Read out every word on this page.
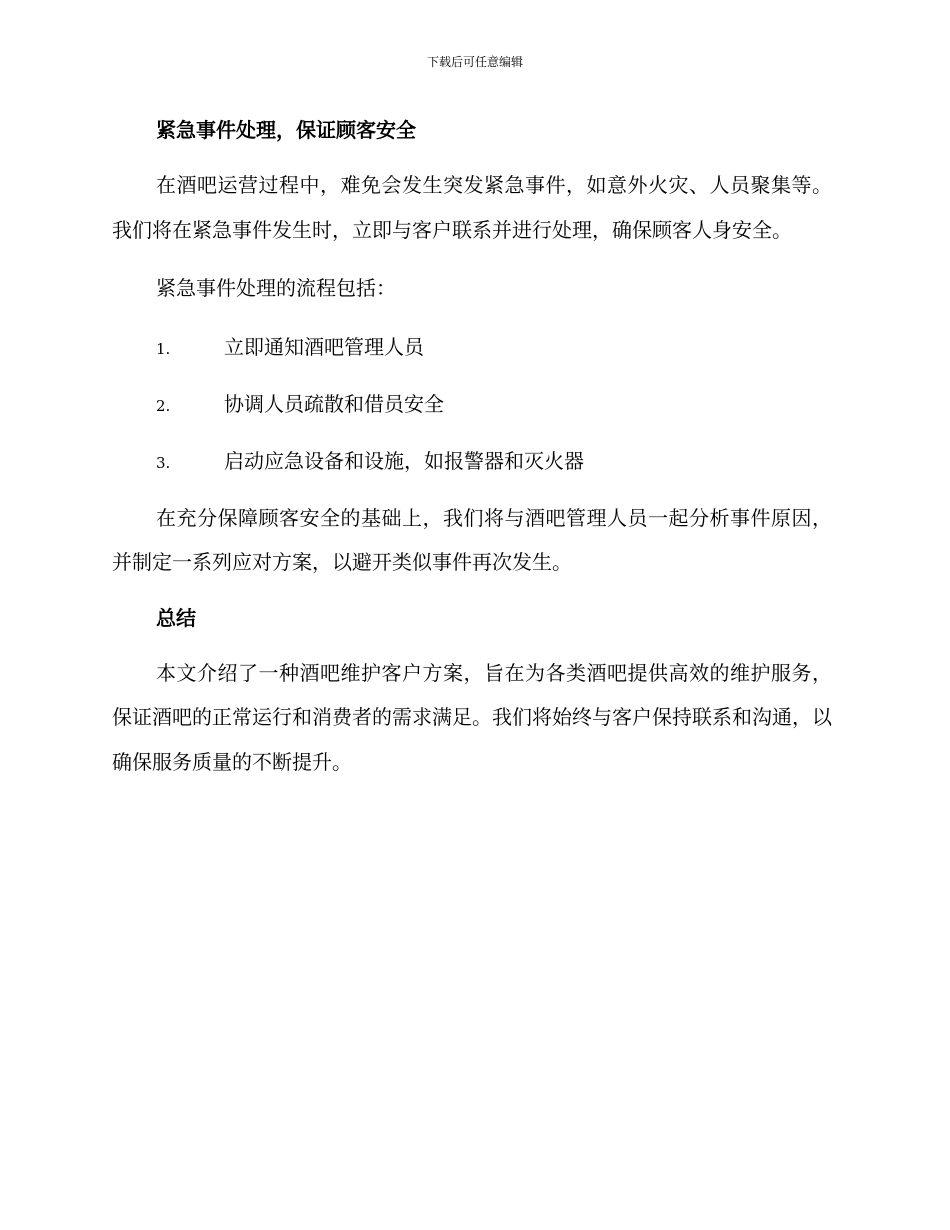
下载后可任意编辑
紧急事件处理，保证顾客安全

在酒吧运营过程中，难免会发生突发紧急事件，如意外火灾、人员聚集等。我们将在紧急事件发生时，立即与客户联系并进行处理，确保顾客人身安全。

紧急事件处理的流程包括：

1.	立即通知酒吧管理人员
2.	协调人员疏散和借员安全
3.	启动应急设备和设施，如报警器和灭火器

在充分保障顾客安全的基础上，我们将与酒吧管理人员一起分析事件原因，并制定一系列应对方案，以避开类似事件再次发生。

总结

本文介绍了一种酒吧维护客户方案，旨在为各类酒吧提供高效的维护服务，保证酒吧的正常运行和消费者的需求满足。我们将始终与客户保持联系和沟通，以确保服务质量的不断提升。
